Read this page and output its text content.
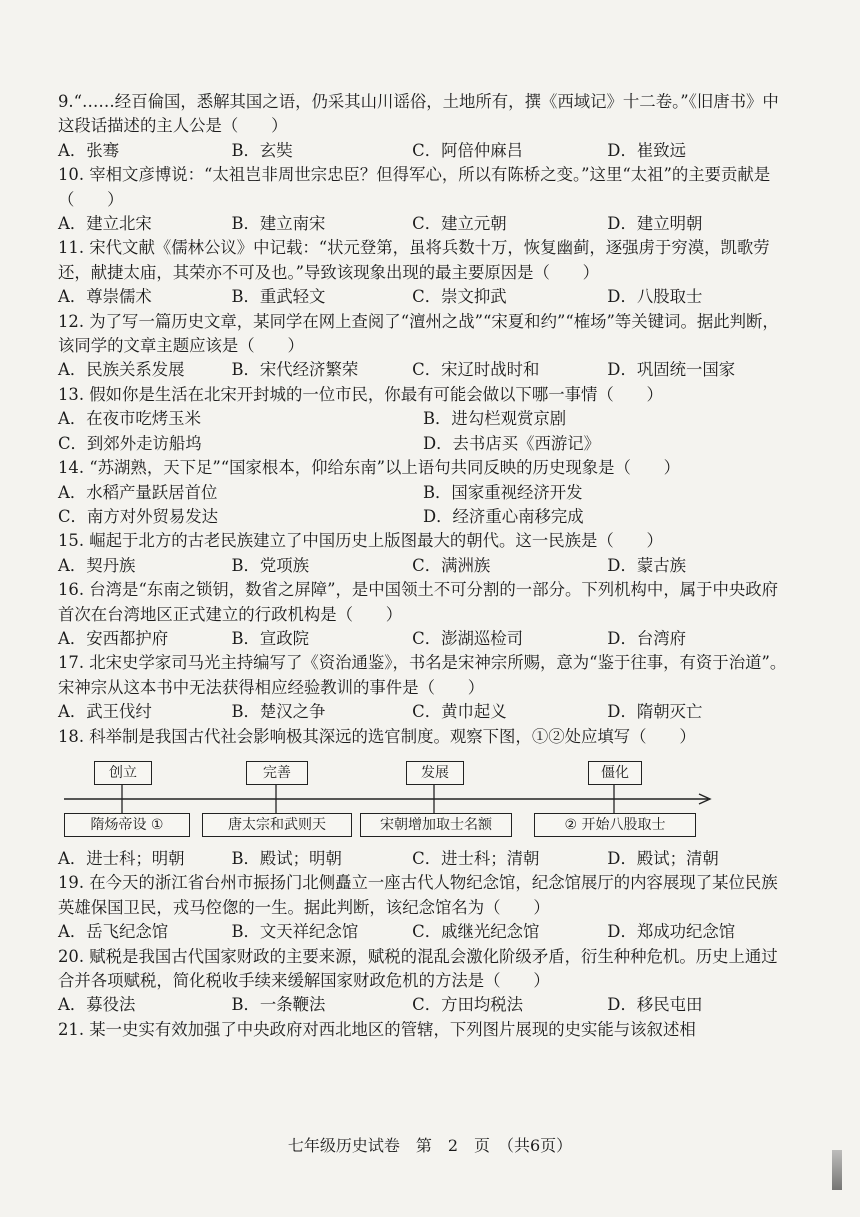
9.“……经百倫国，悉解其国之语，仍采其山川谣俗，土地所有，撰《西域记》十二卷。”《旧唐书》中这段话描述的主人公是（　　）

A．张骞	B．玄奘	C．阿倍仲麻吕	D．崔致远

10. 宰相文彦博说：“太祖岂非周世宗忠臣？但得军心，所以有陈桥之变。”这里“太祖”的主要贡献是（　　）

A．建立北宋	B．建立南宋	C．建立元朝	D．建立明朝

11. 宋代文献《儒林公议》中记载：“状元登第，虽将兵数十万，恢复幽蓟，逐强虏于穷漠，凯歌劳还，献捷太庙，其荣亦不可及也。”导致该现象出现的最主要原因是（　　）

A．尊崇儒术	B．重武轻文	C．崇文抑武	D．八股取士

12. 为了写一篇历史文章，某同学在网上查阅了“澶州之战”“宋夏和约”“榷场”等关键词。据此判断，该同学的文章主题应该是（　　）

A．民族关系发展	B．宋代经济繁荣	C．宋辽时战时和	D．巩固统一国家

13. 假如你是生活在北宋开封城的一位市民，你最有可能会做以下哪一事情（　　）

A．在夜市吃烤玉米	B．进勾栏观赏京剧
C．到郊外走访船坞	D．去书店买《西游记》

14. “苏湖熟，天下足”“国家根本，仰给东南”以上语句共同反映的历史现象是（　　）

A．水稻产量跃居首位	B．国家重视经济开发
C．南方对外贸易发达	D．经济重心南移完成

15. 崛起于北方的古老民族建立了中国历史上版图最大的朝代。这一民族是（　　）

A．契丹族	B．党项族	C．满洲族	D．蒙古族

16. 台湾是“东南之锁钥，数省之屏障”，是中国领土不可分割的一部分。下列机构中，属于中央政府首次在台湾地区正式建立的行政机构是（　　）

A．安西都护府	B．宣政院	C．澎湖巡检司	D．台湾府

17. 北宋史学家司马光主持编写了《资治通鉴》，书名是宋神宗所赐，意为“鉴于往事，有资于治道”。宋神宗从这本书中无法获得相应经验教训的事件是（　　）

A．武王伐纣	B．楚汉之争	C．黄巾起义	D．隋朝灭亡

18. 科举制是我国古代社会影响极其深远的选官制度。观察下图，①②处应填写（　　）

创立	完善	发展	僵化
隋炀帝设 ①	唐太宗和武则天	宋朝增加取士名额	② 开始八股取士
A．进士科；明朝	B．殿试；明朝	C．进士科；清朝	D．殿试；清朝

19. 在今天的浙江省台州市振扬门北侧矗立一座古代人物纪念馆，纪念馆展厅的内容展现了某位民族英雄保国卫民，戎马倥偬的一生。据此判断，该纪念馆名为（　　）

A．岳飞纪念馆	B．文天祥纪念馆	C．戚继光纪念馆	D．郑成功纪念馆

20. 赋税是我国古代国家财政的主要来源，赋税的混乱会激化阶级矛盾，衍生种种危机。历史上通过合并各项赋税，简化税收手续来缓解国家财政危机的方法是（　　）

A．募役法	B．一条鞭法	C．方田均税法	D．移民屯田

21. 某一史实有效加强了中央政府对西北地区的管辖，下列图片展现的史实能与该叙述相

七年级历史试卷　第　2　页　（共6页）
